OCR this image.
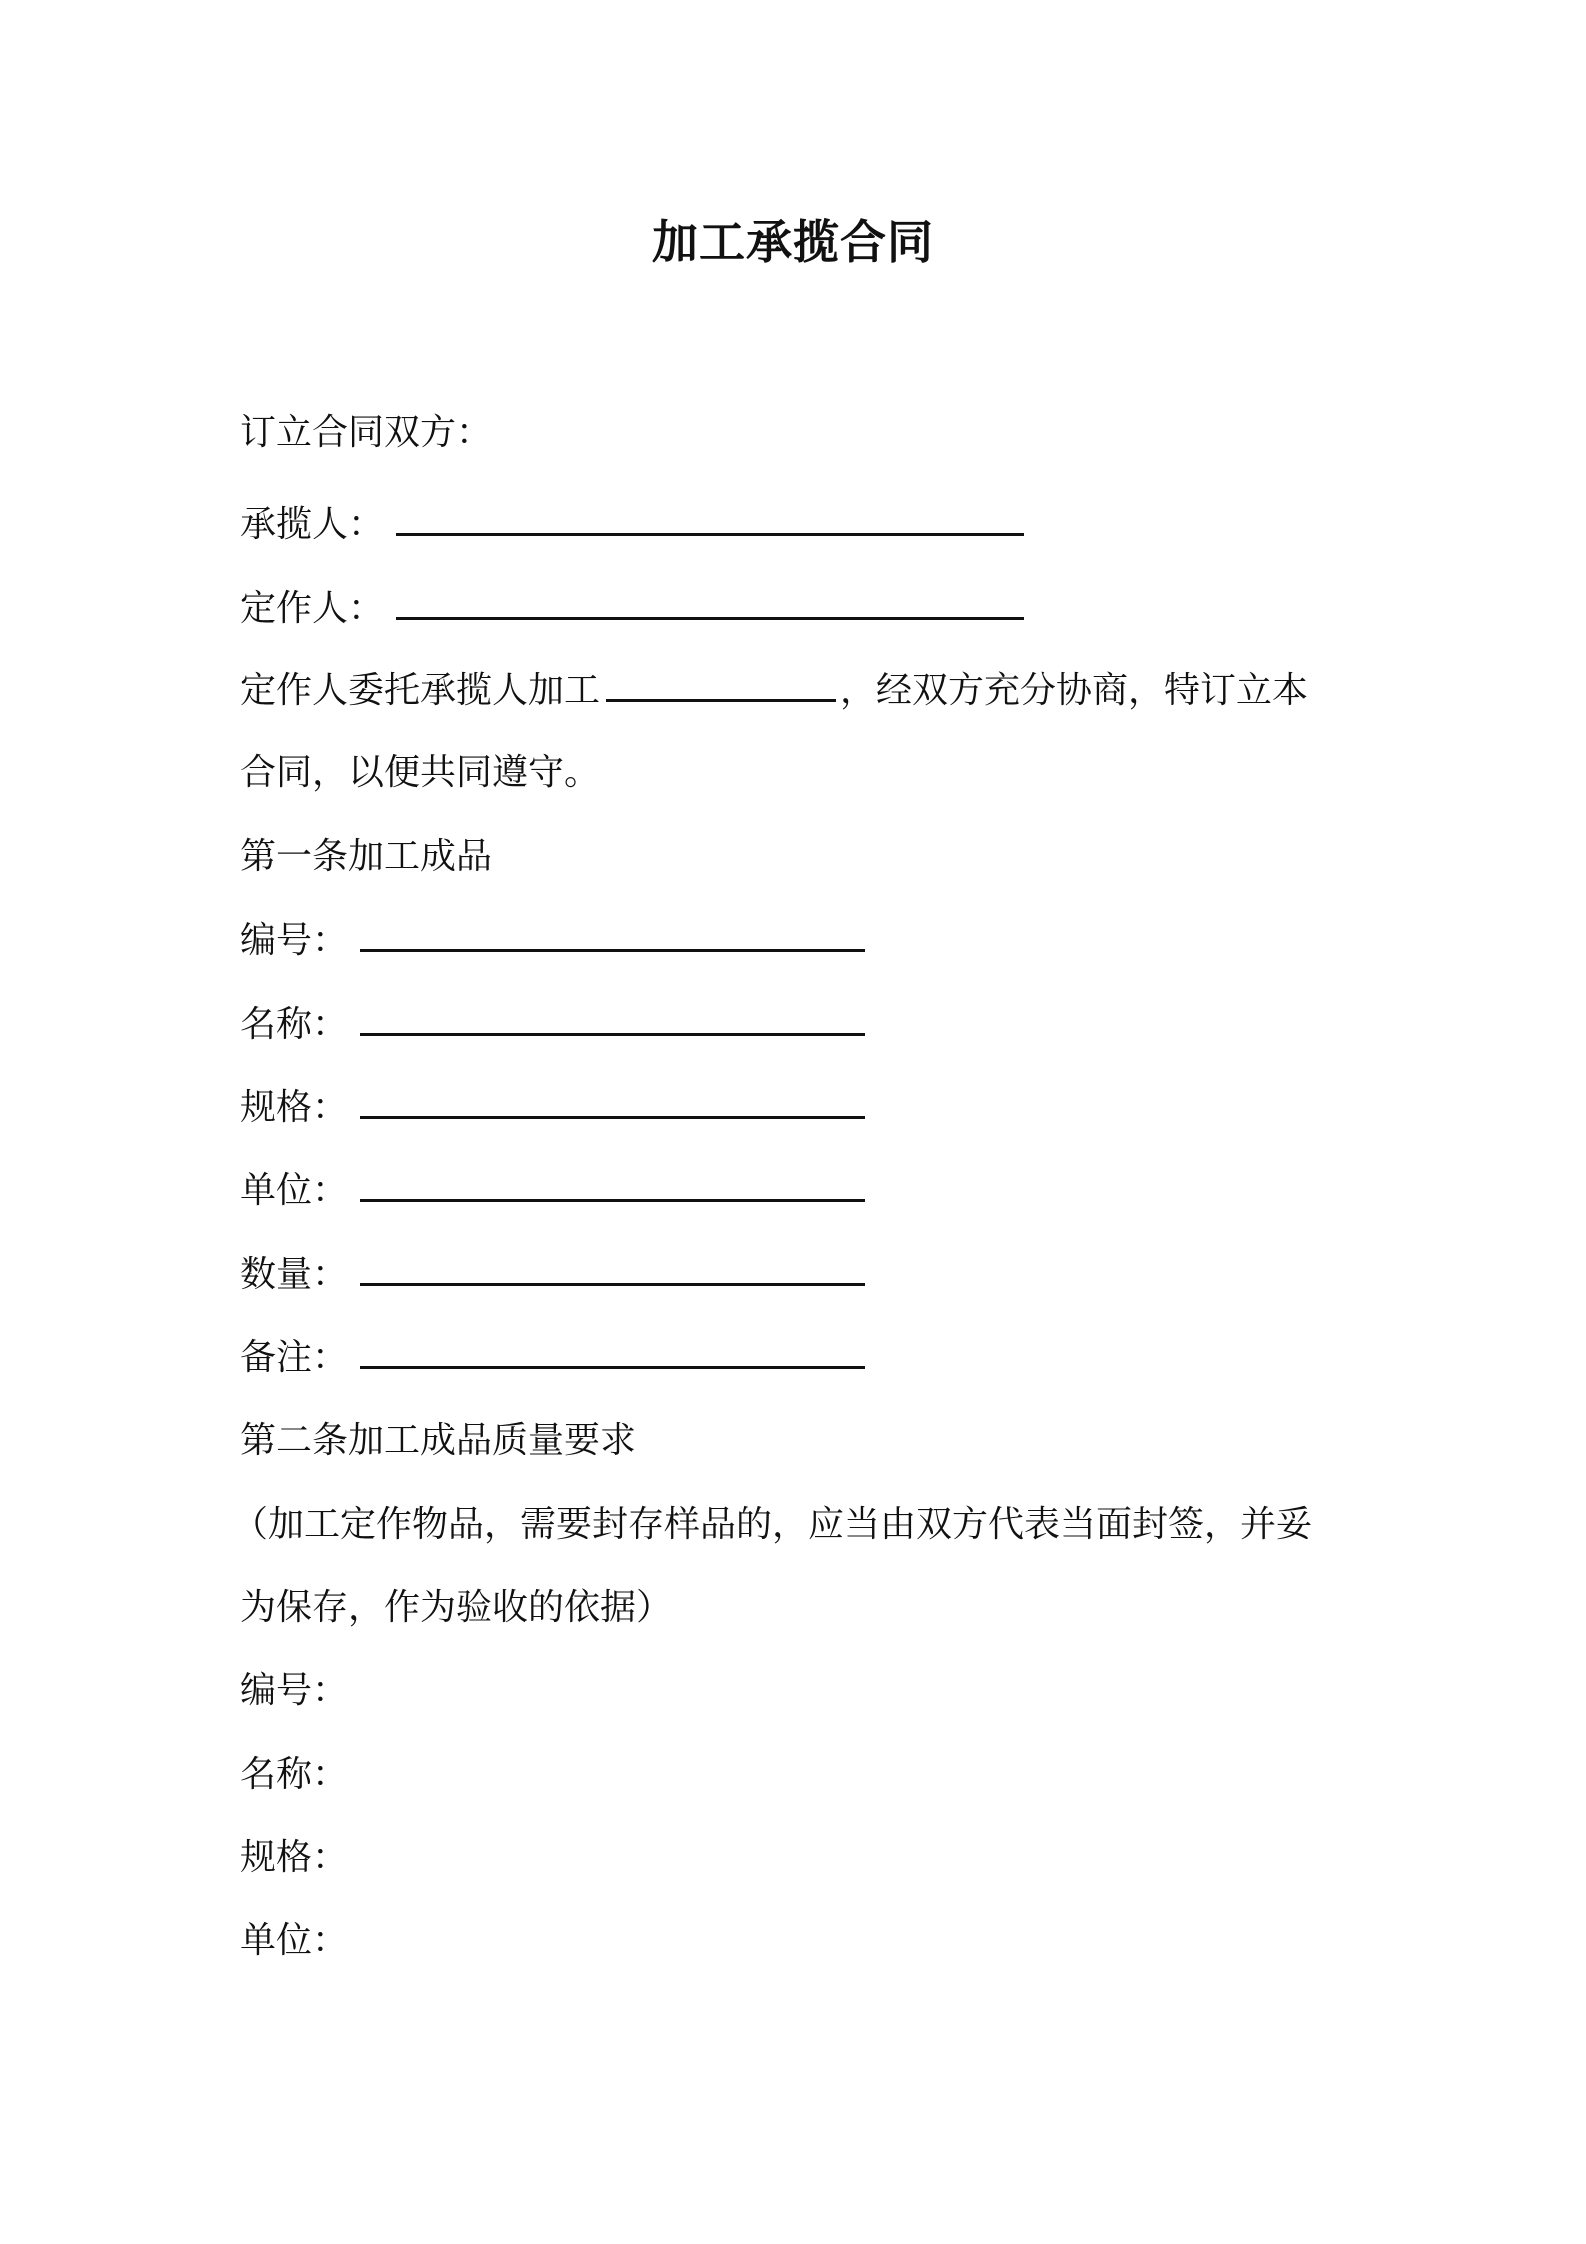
加工承揽合同
订立合同双方：
承揽人：
定作人：
定作人委托承揽人加工	，经双方充分协商，特订立本
合同，以便共同遵守。
第一条加工成品
编号：
名称：
规格：
单位：
数量：
备注：
第二条加工成品质量要求
（加工定作物品，需要封存样品的，应当由双方代表当面封签，并妥
为保存，作为验收的依据）
编号：
名称：
规格：
单位：
